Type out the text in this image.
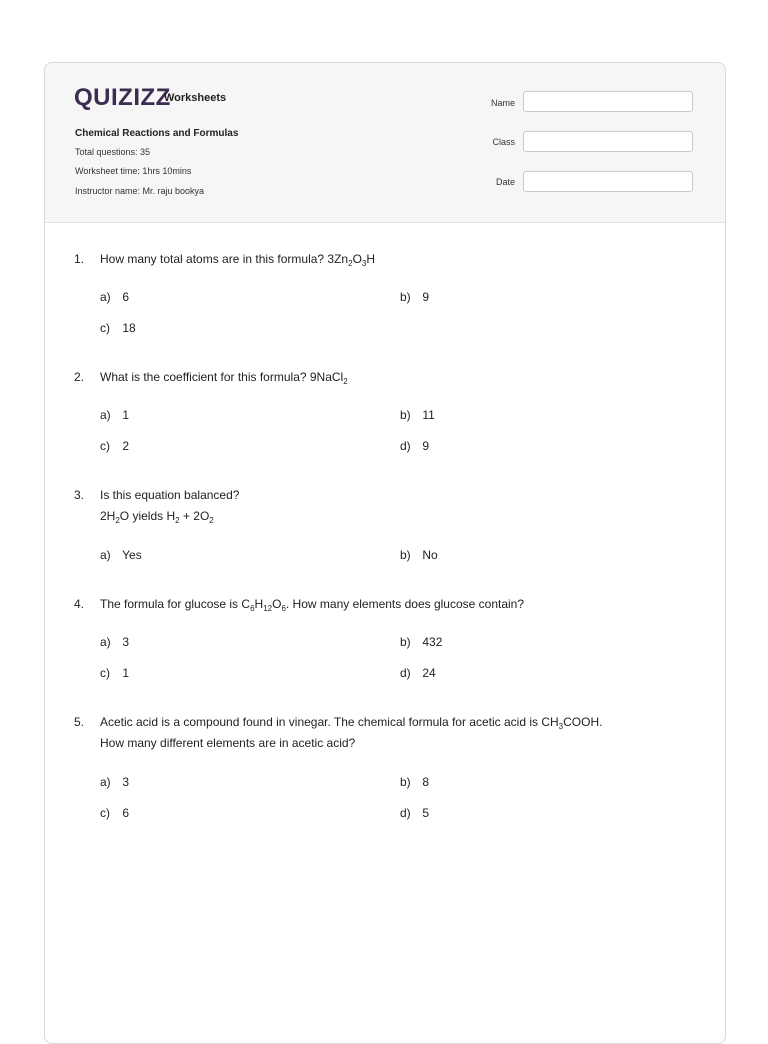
QUIZIZZ
Worksheets
Chemical Reactions and Formulas
Total questions: 35
Worksheet time: 1hrs 10mins
Instructor name: Mr. raju bookya
Name
Class
Date
1.	How many total atoms are in this formula? $3Zn_2O_3H$
a) 6	b) 9
c) 18
2.	What is the coefficient for this formula? 9NaCl$_2$
a) 1	b) 11
c) 2	d) 9
3.	Is this equation balanced?
$2H_2O$ yields $H_2 + 2O_2$
a) Yes	b) No
4.	The formula for glucose is $C_6H_{12}O_6$. How many elements does glucose contain?
a) 3	b) 432
c) 1	d) 24
5.	Acetic acid is a compound found in vinegar. The chemical formula for acetic acid is $CH_3COOH$.
How many different elements are in acetic acid?
a) 3	b) 8
c) 6	d) 5
